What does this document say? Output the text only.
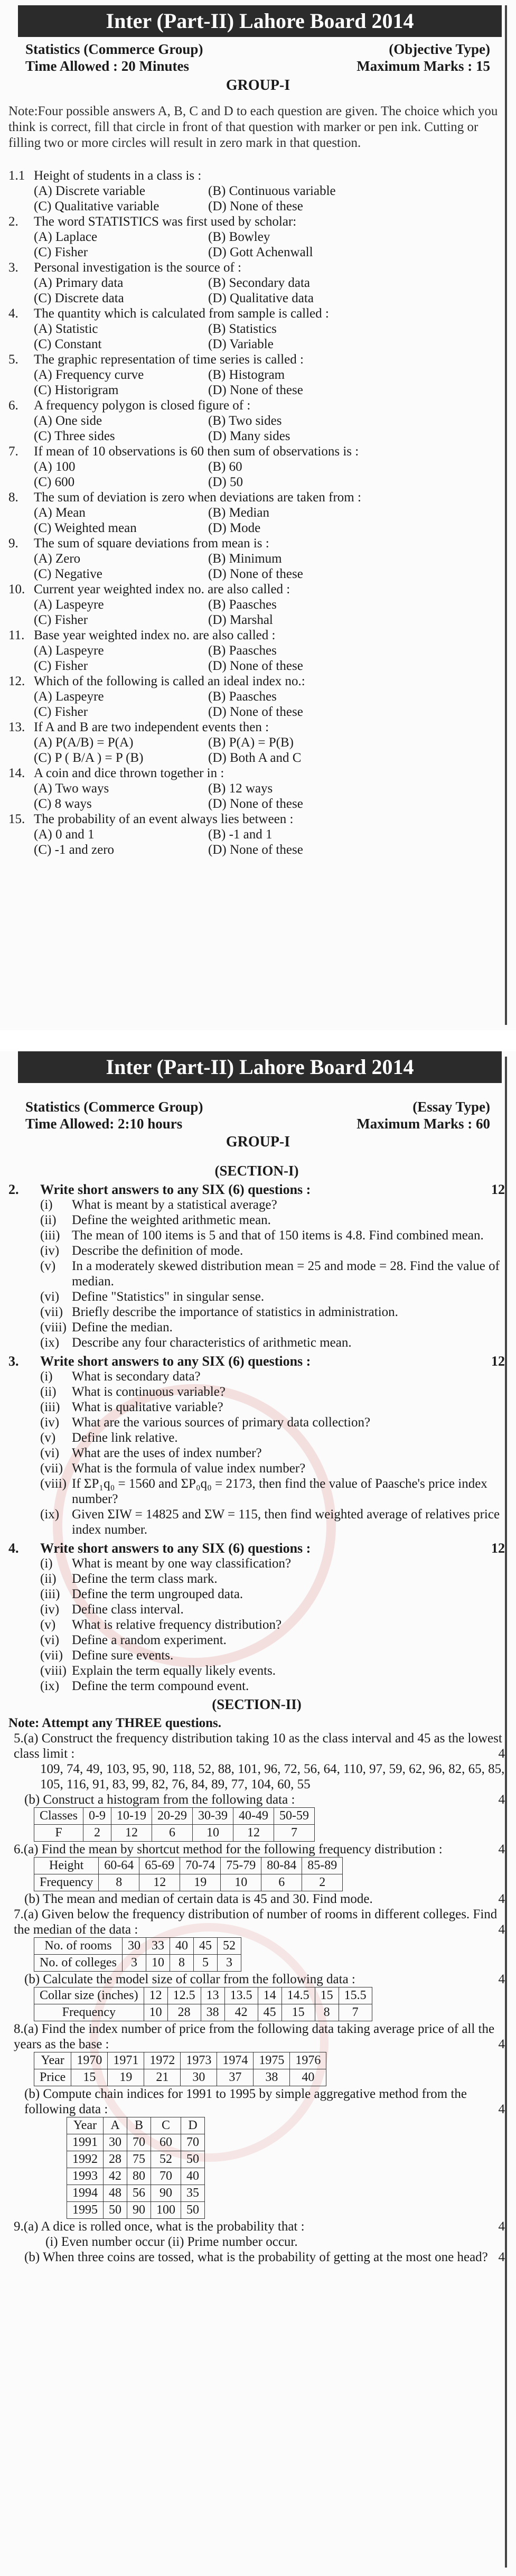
Inter (Part-II) Lahore Board 2014
Statistics (Commerce Group)	(Objective Type)
Time Allowed : 20 Minutes	Maximum Marks : 15
GROUP-I
Note:Four possible answers A, B, C and D to each question are given. The choice which you think is correct, fill that circle in front of that question with marker or pen ink. Cutting or filling two or more circles will result in zero mark in that question.
1.1 Height of students in a class is :
(A) Discrete variable	(B) Continuous variable
(C) Qualitative variable	(D) None of these
2.	The word STATISTICS was first used by scholar:
(A) Laplace	(B) Bowley
(C) Fisher	(D) Gott Achenwall
3.	Personal investigation is the source of :
(A) Primary data	(B) Secondary data
(C) Discrete data	(D) Qualitative data
4.	The quantity which is calculated from sample is called :
(A) Statistic	(B) Statistics
(C) Constant	(D) Variable
5.	The graphic representation of time series is called :
(A) Frequency curve	(B) Histogram
(C) Historigram	(D) None of these
6.	A frequency polygon is closed figure of :
(A) One side	(B) Two sides
(C) Three sides	(D) Many sides
7.	If mean of 10 observations is 60 then sum of observations is :
(A) 100	(B) 60
(C) 600	(D) 50
8.	The sum of deviation is zero when deviations are taken from :
(A) Mean	(B) Median
(C) Weighted mean	(D) Mode
9.	The sum of square deviations from mean is :
(A) Zero	(B) Minimum
(C) Negative	(D) None of these
10. Current year weighted index no. are also called :
(A) Laspeyre	(B) Paasches
(C) Fisher	(D) Marshal
11. Base year weighted index no. are also called :
(A) Laspeyre	(B) Paasches
(C) Fisher	(D) None of these
12. Which of the following is called an ideal index no.:
(A) Laspeyre	(B) Paasches
(C) Fisher	(D) None of these
13. If A and B are two independent events then :
(A) P(A/B) = P(A)	(B) P(A) = P(B)
(C) P ( B/A ) = P (B)	(D) Both A and C
14. A coin and dice thrown together in :
(A) Two ways	(B) 12 ways
(C) 8 ways	(D) None of these
15. The probability of an event always lies between :
(A) 0 and 1	(B) -1 and 1
(C) -1 and zero	(D) None of these
Inter (Part-II) Lahore Board 2014
Statistics (Commerce Group)	(Essay Type)
Time Allowed: 2:10 hours	Maximum Marks : 60
GROUP-I
(SECTION-I)
2.	Write short answers to any SIX (6) questions :	12
(i)	What is meant by a statistical average?
(ii)	Define the weighted arithmetic mean.
(iii) The mean of 100 items is 5 and that of 150 items is 4.8. Find combined mean.
(iv) Describe the definition of mode.
(v)	In a moderately skewed distribution mean = 25 and mode = 28. Find the value of median.
(vi) Define "Statistics" in singular sense.
(vii) Briefly describe the importance of statistics in administration.
(viii) Define the median.
(ix) Describe any four characteristics of arithmetic mean.
3.	Write short answers to any SIX (6) questions :	12
(i)	What is secondary data?
(ii)	What is continuous variable?
(iii) What is qualitative variable?
(iv) What are the various sources of primary data collection?
(v)	Define link relative.
(vi) What are the uses of index number?
(vii) What is the formula of value index number?
(viii) If ΣP₁q₀ = 1560 and ΣP₀q₀ = 2173, then find the value of Paasche's price index number?
(ix) Given ΣIW = 14825 and ΣW = 115, then find weighted average of relatives price index number.
4.	Write short answers to any SIX (6) questions :	12
(i)	What is meant by one way classification?
(ii)	Define the term class mark.
(iii) Define the term ungrouped data.
(iv) Define class interval.
(v)	What is relative frequency distribution?
(vi) Define a random experiment.
(vii) Define sure events.
(viii) Explain the term equally likely events.
(ix) Define the term compound event.
(SECTION-II)
Note: Attempt any THREE questions.
5.(a) Construct the frequency distribution taking 10 as the class interval and 45 as the lowest class limit :	4
109, 74, 49, 103, 95, 90, 118, 52, 88, 101, 96, 72, 56, 64, 110, 97, 59, 62, 96, 82, 65, 85, 105, 116, 91, 83, 99, 82, 76, 84, 89, 77, 104, 60, 55
(b) Construct a histogram from the following data :	4
Classes	0-9	10-19	20-29	30-39	40-49	50-59
F	2	12	6	10	12	7
6.(a) Find the mean by shortcut method for the following frequency distribution :	4
Height	60-64	65-69	70-74	75-79	80-84	85-89
Frequency	8	12	19	10	6	2
(b) The mean and median of certain data is 45 and 30. Find mode.	4
7.(a) Given below the frequency distribution of number of rooms in different colleges. Find the median of the data :	4
No. of rooms	30	33	40	45	52
No. of colleges	3	10	8	5	3
(b) Calculate the model size of collar from the following data :	4
Collar size (inches)	12	12.5	13	13.5	14	14.5	15	15.5
Frequency	10	28	38	42	45	15	8	7
8.(a) Find the index number of price from the following data taking average price of all the years as the base :	4
Year	1970	1971	1972	1973	1974	1975	1976
Price	15	19	21	30	37	38	40
(b) Compute chain indices for 1991 to 1995 by simple aggregative method from the following data :	4
Year	A	B	C	D
1991	30	70	60	70
1992	28	75	52	50
1993	42	80	70	40
1994	48	56	90	35
1995	50	90	100	50
9.(a) A dice is rolled once, what is the probability that :	4
(i) Even number occur (ii) Prime number occur.
(b) When three coins are tossed, what is the probability of getting at the most one head? 4
